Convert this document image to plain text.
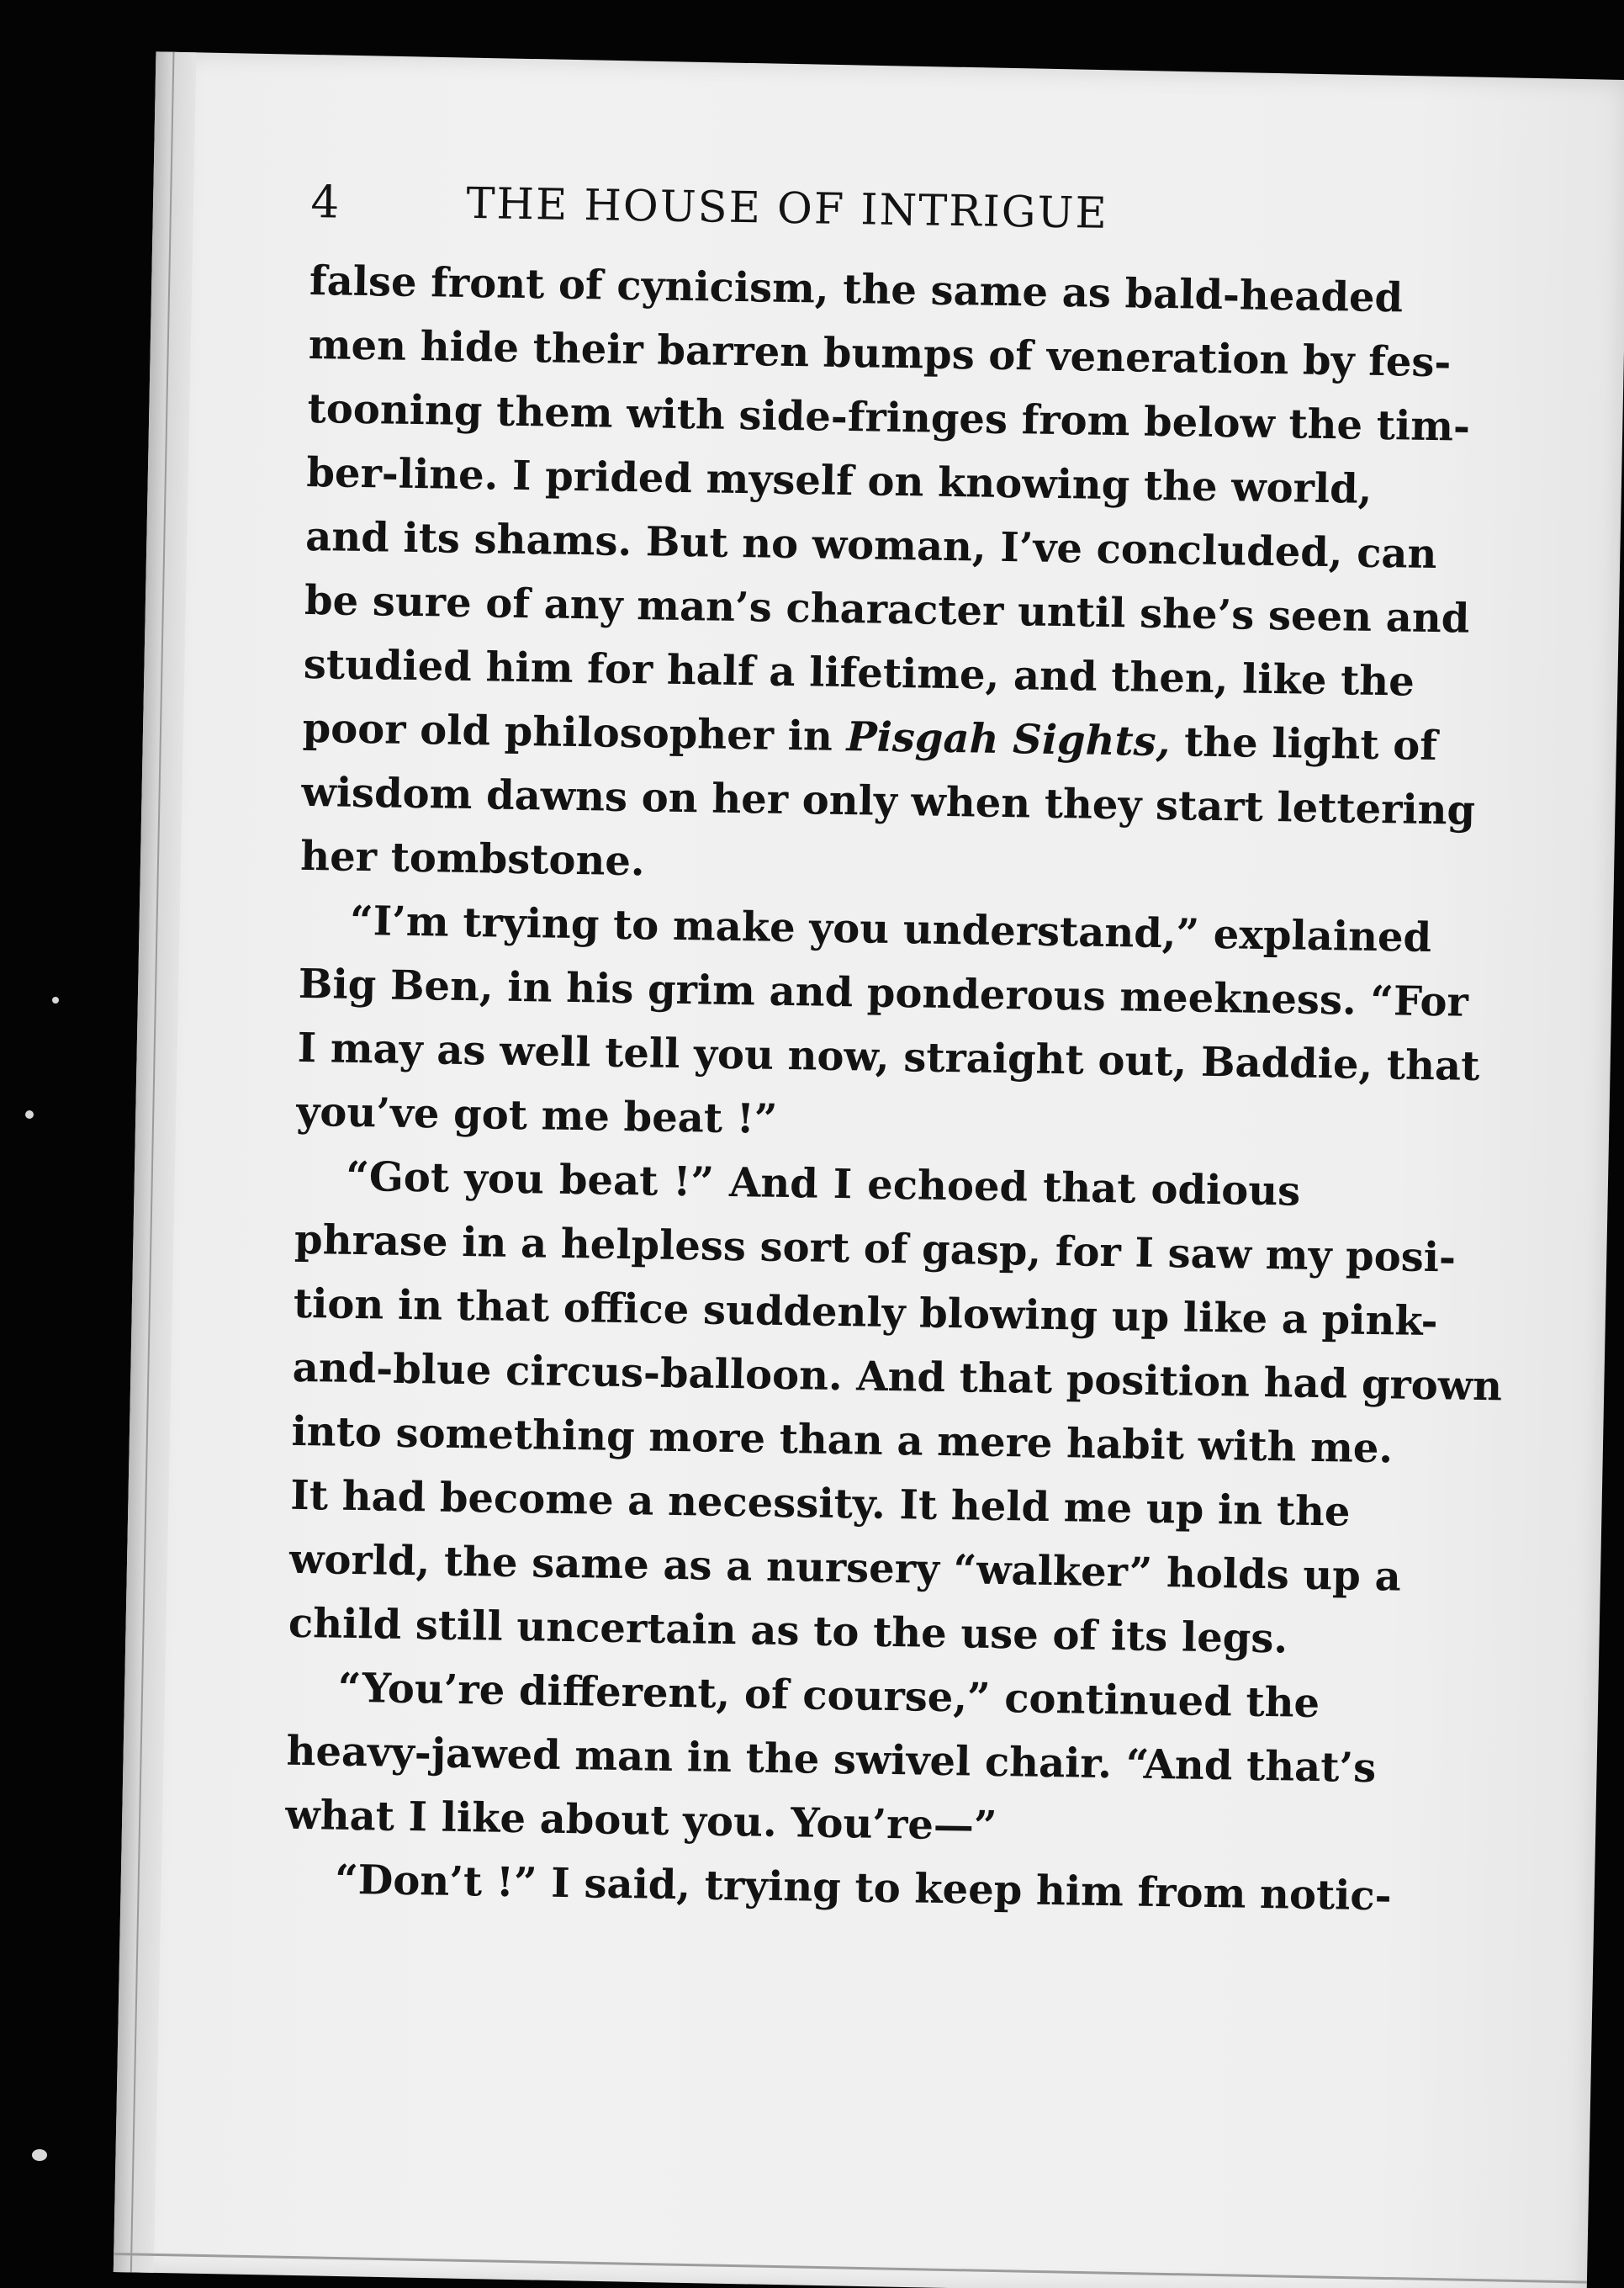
4	THE HOUSE OF INTRIGUE

false front of cynicism, the same as bald-headed
men hide their barren bumps of veneration by fes-
tooning them with side-fringes from below the tim-
ber-line. I prided myself on knowing the world,
and its shams. But no woman, I’ve concluded, can
be sure of any man’s character until she’s seen and
studied him for half a lifetime, and then, like the
poor old philosopher in Pisgah Sights, the light of
wisdom dawns on her only when they start lettering
her tombstone.

“I’m trying to make you understand,” explained
Big Ben, in his grim and ponderous meekness. “For
I may as well tell you now, straight out, Baddie, that
you’ve got me beat !”

“Got you beat !” And I echoed that odious
phrase in a helpless sort of gasp, for I saw my posi-
tion in that office suddenly blowing up like a pink-
and-blue circus-balloon. And that position had grown
into something more than a mere habit with me.
It had become a necessity. It held me up in the
world, the same as a nursery “walker” holds up a
child still uncertain as to the use of its legs.

“You’re different, of course,” continued the
heavy-jawed man in the swivel chair. “And that’s
what I like about you. You’re—”

“Don’t !” I said, trying to keep him from notic-
